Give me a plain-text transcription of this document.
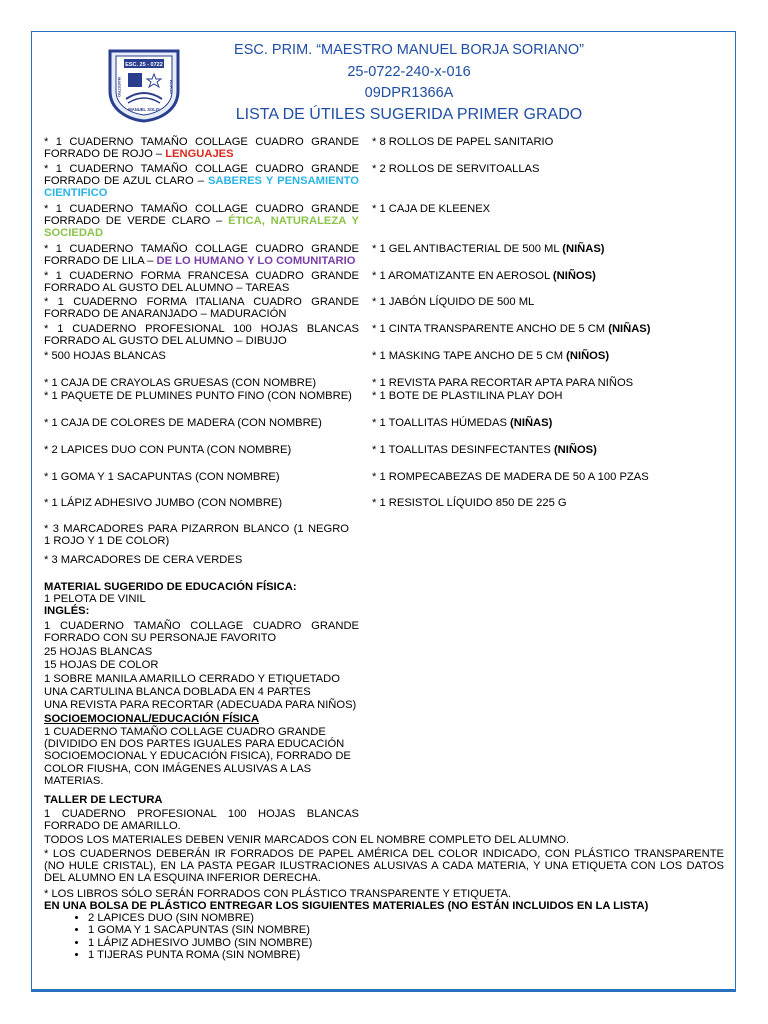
ESC. 25 - 0722
MAESTRO	BORJA
MANUEL SOLIS
ESC. PRIM. “MAESTRO MANUEL BORJA SORIANO”
25-0722-240-x-016
09DPR1366A
LISTA DE ÚTILES SUGERIDA PRIMER GRADO
* 1 CUADERNO TAMAÑO COLLAGE CUADRO GRANDE FORRADO DE ROJO – LENGUAJES
* 1 CUADERNO TAMAÑO COLLAGE CUADRO GRANDE FORRADO DE AZUL CLARO – SABERES Y PENSAMIENTO CIENTIFICO
* 1 CUADERNO TAMAÑO COLLAGE CUADRO GRANDE FORRADO DE VERDE CLARO – ÉTICA, NATURALEZA Y SOCIEDAD
* 1 CUADERNO TAMAÑO COLLAGE CUADRO GRANDE FORRADO DE LILA – DE LO HUMANO Y LO COMUNITARIO
* 1 CUADERNO FORMA FRANCESA CUADRO GRANDE FORRADO AL GUSTO DEL ALUMNO – TAREAS
* 1 CUADERNO FORMA ITALIANA CUADRO GRANDE FORRADO DE ANARANJADO – MADURACIÓN
* 1 CUADERNO PROFESIONAL 100 HOJAS BLANCAS FORRADO AL GUSTO DEL ALUMNO – DIBUJO
* 500 HOJAS BLANCAS
* 1 CAJA DE CRAYOLAS GRUESAS (CON NOMBRE)
* 1 PAQUETE DE PLUMINES PUNTO FINO (CON NOMBRE)
* 1 CAJA DE COLORES DE MADERA (CON NOMBRE)
* 2 LAPICES DUO CON PUNTA (CON NOMBRE)
* 1 GOMA Y 1 SACAPUNTAS (CON NOMBRE)
* 1 LÁPIZ ADHESIVO JUMBO (CON NOMBRE)
* 3 MARCADORES PARA PIZARRON BLANCO (1 NEGRO 1 ROJO Y 1 DE COLOR)
* 3 MARCADORES DE CERA VERDES
* 8 ROLLOS DE PAPEL SANITARIO
* 2 ROLLOS DE SERVITOALLAS
* 1 CAJA DE KLEENEX
* 1 GEL ANTIBACTERIAL DE 500 ML (NIÑAS)
* 1 AROMATIZANTE EN AEROSOL (NIÑOS)
* 1 JABÓN LÍQUIDO DE 500 ML
* 1 CINTA TRANSPARENTE ANCHO DE 5 CM (NIÑAS)
* 1 MASKING TAPE ANCHO DE 5 CM (NIÑOS)
* 1 REVISTA PARA RECORTAR APTA PARA NIÑOS
* 1 BOTE DE PLASTILINA PLAY DOH
* 1 TOALLITAS HÚMEDAS (NIÑAS)
* 1 TOALLITAS DESINFECTANTES (NIÑOS)
* 1 ROMPECABEZAS DE MADERA DE 50 A 100 PZAS
* 1 RESISTOL LÍQUIDO 850 DE 225 G
MATERIAL SUGERIDO DE EDUCACIÓN FÍSICA:
1 PELOTA DE VINIL
INGLÉS:
1 CUADERNO TAMAÑO COLLAGE CUADRO GRANDE FORRADO CON SU PERSONAJE FAVORITO
25 HOJAS BLANCAS
15 HOJAS DE COLOR
1 SOBRE MANILA AMARILLO CERRADO Y ETIQUETADO
UNA CARTULINA BLANCA DOBLADA EN 4 PARTES
UNA REVISTA PARA RECORTAR (ADECUADA PARA NIÑOS)
SOCIOEMOCIONAL/EDUCACIÓN FÍSICA
1 CUADERNO TAMAÑO COLLAGE CUADRO GRANDE (DIVIDIDO EN DOS PARTES IGUALES PARA EDUCACIÓN SOCIOEMOCIONAL Y EDUCACIÓN FISICA), FORRADO DE COLOR FIUSHA, CON IMÁGENES ALUSIVAS A LAS MATERIAS.
TALLER DE LECTURA
1 CUADERNO PROFESIONAL 100 HOJAS BLANCAS FORRADO DE AMARILLO.
TODOS LOS MATERIALES DEBEN VENIR MARCADOS CON EL NOMBRE COMPLETO DEL ALUMNO.
* LOS CUADERNOS DEBERÁN IR FORRADOS DE PAPEL AMÉRICA DEL COLOR INDICADO, CON PLÁSTICO TRANSPARENTE (NO HULE CRISTAL), EN LA PASTA PEGAR ILUSTRACIONES ALUSIVAS A CADA MATERIA, Y UNA ETIQUETA CON LOS DATOS DEL ALUMNO EN LA ESQUINA INFERIOR DERECHA.
* LOS LIBROS SÓLO SERÁN FORRADOS CON PLÁSTICO TRANSPARENTE Y ETIQUETA.
EN UNA BOLSA DE PLÁSTICO ENTREGAR LOS SIGUIENTES MATERIALES (NO ESTÁN INCLUIDOS EN LA LISTA)
• 2 LAPICES DUO (SIN NOMBRE)
• 1 GOMA Y 1 SACAPUNTAS (SIN NOMBRE)
• 1 LÁPIZ ADHESIVO JUMBO (SIN NOMBRE)
• 1 TIJERAS PUNTA ROMA (SIN NOMBRE)
